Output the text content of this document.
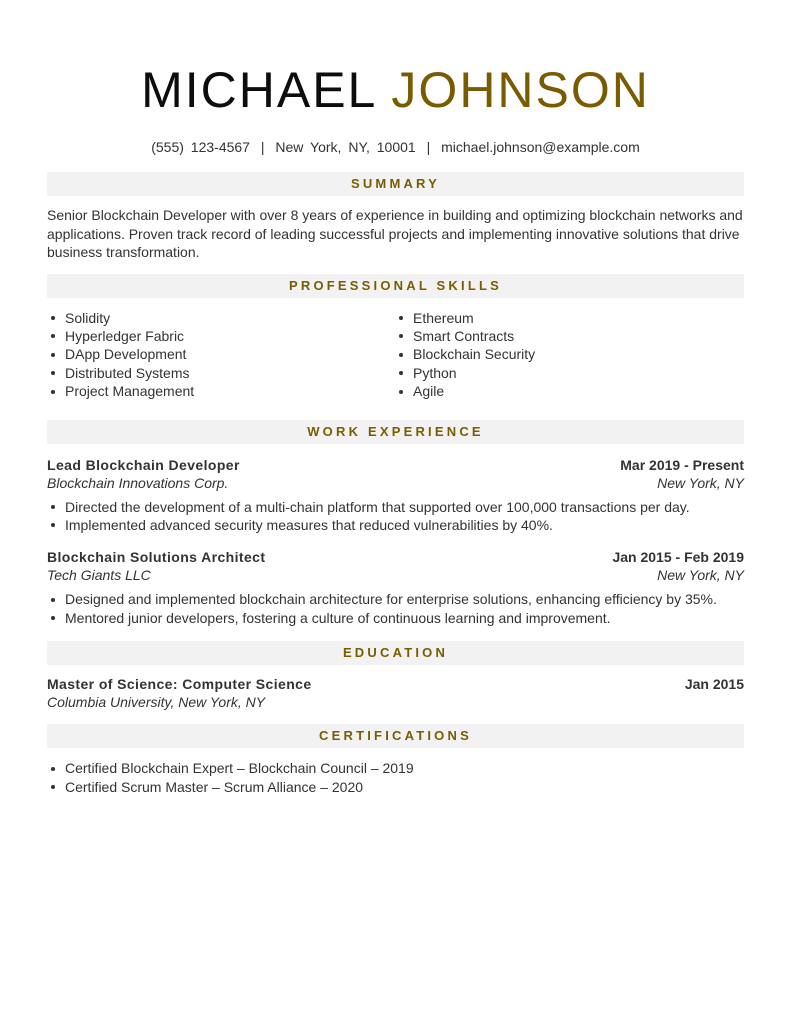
MICHAEL JOHNSON
(555) 123-4567 | New York, NY, 10001 | michael.johnson@example.com
SUMMARY

Senior Blockchain Developer with over 8 years of experience in building and optimizing blockchain networks and applications. Proven track record of leading successful projects and implementing innovative solutions that drive business transformation.

PROFESSIONAL SKILLS
Solidity
Hyperledger Fabric
DApp Development
Distributed Systems
Project Management
Ethereum
Smart Contracts
Blockchain Security
Python
Agile
WORK EXPERIENCE
Lead Blockchain Developer	Mar 2019 - Present
Blockchain Innovations Corp.	New York, NY
Directed the development of a multi-chain platform that supported over 100,000 transactions per day.
Implemented advanced security measures that reduced vulnerabilities by 40%.
Blockchain Solutions Architect	Jan 2015 - Feb 2019
Tech Giants LLC	New York, NY
Designed and implemented blockchain architecture for enterprise solutions, enhancing efficiency by 35%.
Mentored junior developers, fostering a culture of continuous learning and improvement.
EDUCATION
Master of Science: Computer Science	Jan 2015
Columbia University, New York, NY
CERTIFICATIONS
Certified Blockchain Expert – Blockchain Council – 2019
Certified Scrum Master – Scrum Alliance – 2020
